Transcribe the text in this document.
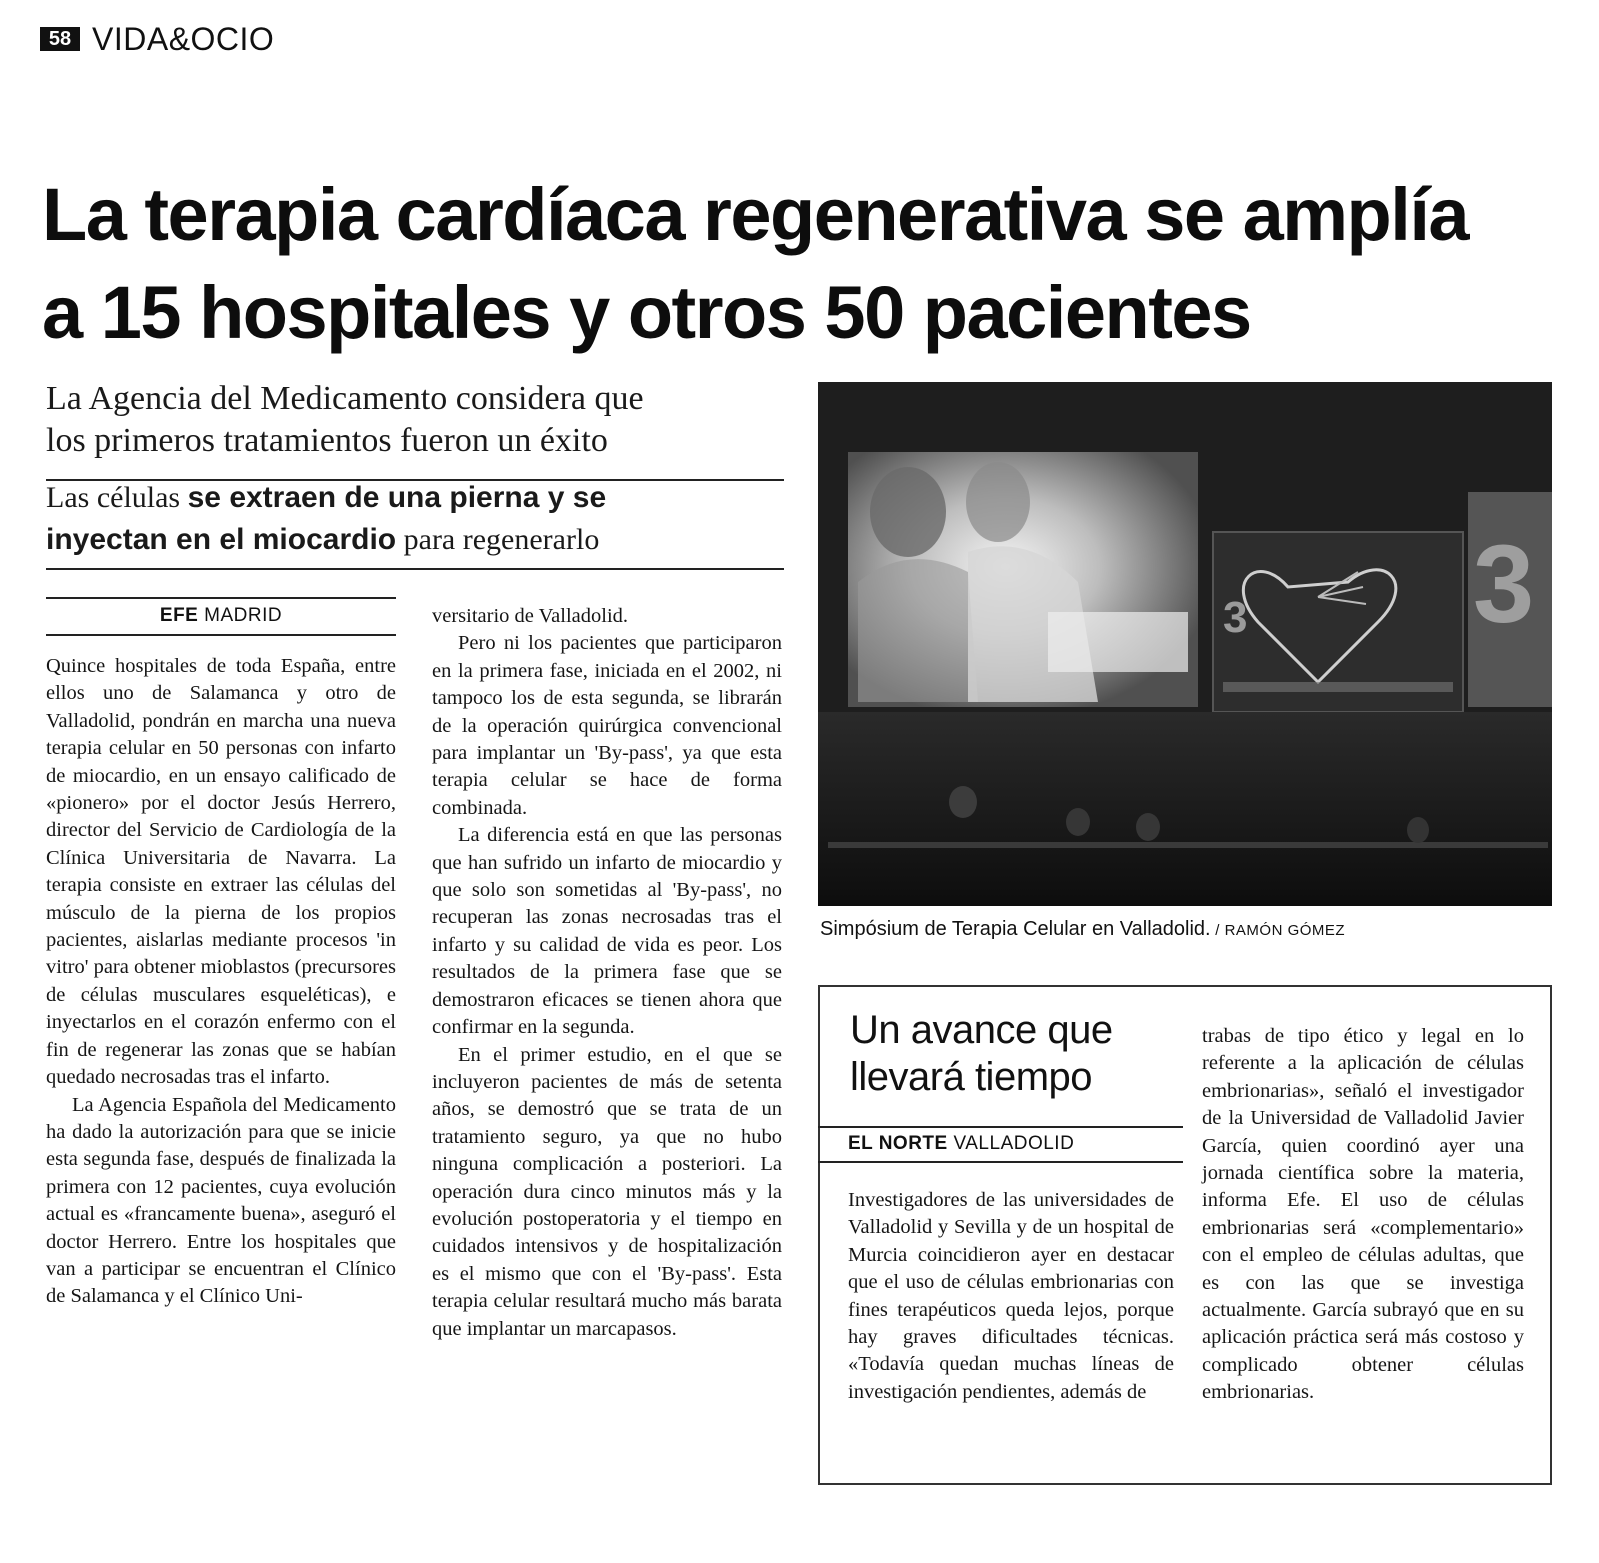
58 VIDA&OCIO
La terapia cardíaca regenerativa se amplía
a 15 hospitales y otros 50 pacientes
La Agencia del Medicamento considera que
los primeros tratamientos fueron un éxito
Las células se extraen de una pierna y se
inyectan en el miocardio para regenerarlo
EFE MADRID

Quince hospitales de toda España, entre ellos uno de Salamanca y otro de Valladolid, pondrán en marcha una nueva terapia celular en 50 personas con infarto de miocardio, en un ensayo calificado de «pionero» por el doctor Jesús Herrero, director del Servicio de Cardiología de la Clínica Universitaria de Navarra. La terapia consiste en extraer las células del músculo de la pierna de los propios pacientes, aislarlas mediante procesos 'in vitro' para obtener mioblastos (precursores de células musculares esqueléticas), e inyectarlos en el corazón enfermo con el fin de regenerar las zonas que se habían quedado necrosadas tras el infarto.

La Agencia Española del Medicamento ha dado la autorización para que se inicie esta segunda fase, después de finalizada la primera con 12 pacientes, cuya evolución actual es «francamente buena», aseguró el doctor Herrero. Entre los hospitales que van a participar se encuentran el Clínico de Salamanca y el Clínico Uni-

versitario de Valladolid.

Pero ni los pacientes que participaron en la primera fase, iniciada en el 2002, ni tampoco los de esta segunda, se librarán de la operación quirúrgica convencional para implantar un 'By-pass', ya que esta terapia celular se hace de forma combinada.

La diferencia está en que las personas que han sufrido un infarto de miocardio y que solo son sometidas al 'By-pass', no recuperan las zonas necrosadas tras el infarto y su calidad de vida es peor. Los resultados de la primera fase que se demostraron eficaces se tienen ahora que confirmar en la segunda.

En el primer estudio, en el que se incluyeron pacientes de más de setenta años, se demostró que se trata de un tratamiento seguro, ya que no hubo ninguna complicación a posteriori. La operación dura cinco minutos más y la evolución postoperatoria y el tiempo en cuidados intensivos y de hospitalización es el mismo que con el 'By-pass'. Esta terapia celular resultará mucho más barata que implantar un marcapasos.

3 3
Simpósium de Terapia Celular en Valladolid. / RAMÓN GÓMEZ
Un avance que
llevará tiempo
EL NORTE VALLADOLID

Investigadores de las universidades de Valladolid y Sevilla y de un hospital de Murcia coincidieron ayer en destacar que el uso de células embrionarias con fines terapéuticos queda lejos, porque hay graves dificultades técnicas. «Todavía quedan muchas líneas de investigación pendientes, además de

trabas de tipo ético y legal en lo referente a la aplicación de células embrionarias», señaló el investigador de la Universidad de Valladolid Javier García, quien coordinó ayer una jornada científica sobre la materia, informa Efe. El uso de células embrionarias será «complementario» con el empleo de células adultas, que es con las que se investiga actualmente. García subrayó que en su aplicación práctica será más costoso y complicado obtener células embrionarias.
